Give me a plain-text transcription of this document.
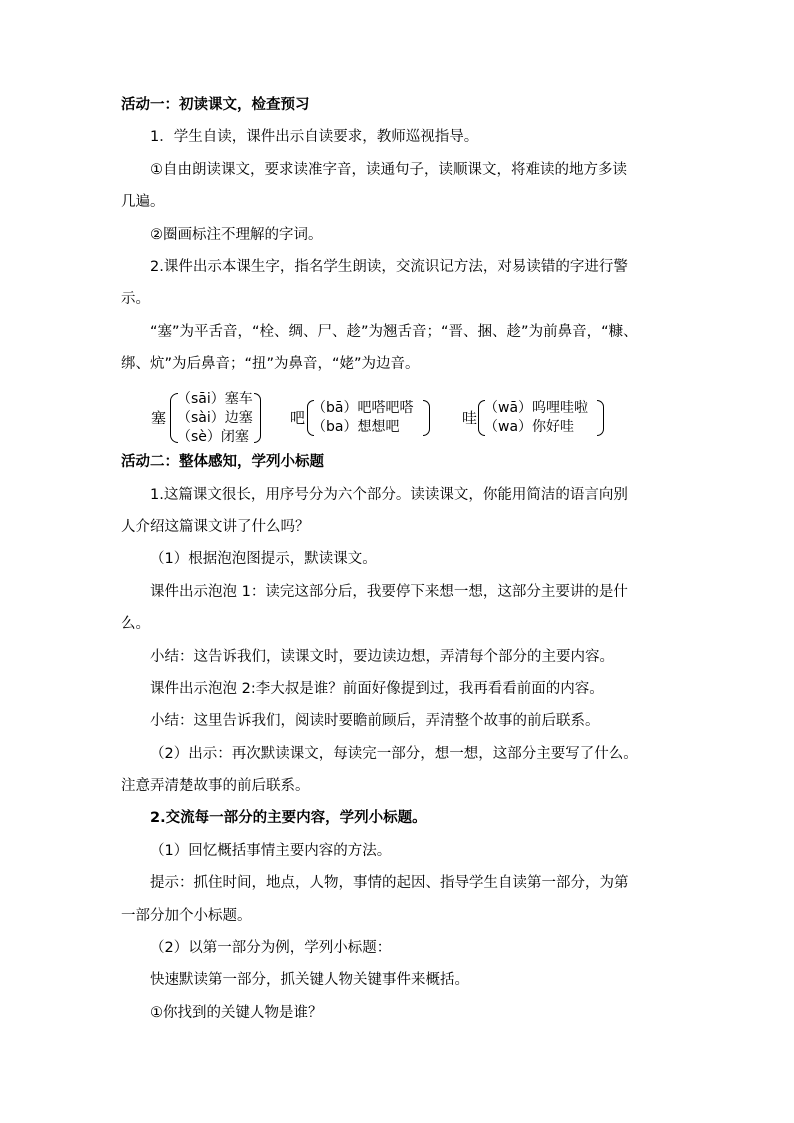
活动一：初读课文，检查预习
1．学生自读，课件出示自读要求，教师巡视指导。
①自由朗读课文，要求读准字音，读通句子，读顺课文，将难读的地方多读
几遍。
②圈画标注不理解的字词。
2.课件出示本课生字，指名学生朗读，交流识记方法，对易读错的字进行警
示。
“塞”为平舌音，“栓、绸、尸、趁”为翘舌音；“晋、捆、趁”为前鼻音，“糠、
绑、炕”为后鼻音；“扭”为鼻音，“姥”为边音。
塞
（sāi）塞车
（sài）边塞
（sè）闭塞
吧
（bā）吧嗒吧嗒
（ba）想想吧	哇
（wā）呜哩哇啦
（wa）你好哇
活动二：整体感知，学列小标题
1.这篇课文很长，用序号分为六个部分。读读课文，你能用简洁的语言向别
人介绍这篇课文讲了什么吗？
（1）根据泡泡图提示，默读课文。
课件出示泡泡 1：读完这部分后，我要停下来想一想，这部分主要讲的是什
么。
小结：这告诉我们，读课文时，要边读边想，弄清每个部分的主要内容。
课件出示泡泡 2:李大叔是谁？前面好像提到过，我再看看前面的内容。
小结：这里告诉我们，阅读时要瞻前顾后，弄清整个故事的前后联系。
（2）出示：再次默读课文，每读完一部分，想一想，这部分主要写了什么。
注意弄清楚故事的前后联系。
2.交流每一部分的主要内容，学列小标题。
（1）回忆概括事情主要内容的方法。
提示：抓住时间，地点，人物，事情的起因、指导学生自读第一部分，为第
一部分加个小标题。
（2）以第一部分为例，学列小标题：
快速默读第一部分，抓关键人物关键事件来概括。
①你找到的关键人物是谁？
